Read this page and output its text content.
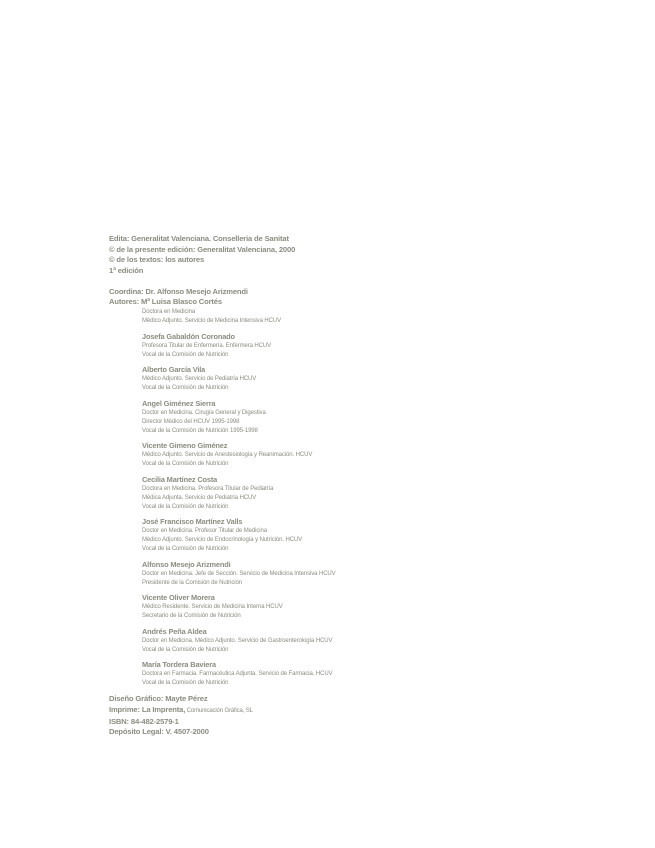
Edita: Generalitat Valenciana. Conselleria de Sanitat
© de la presente edición: Generalitat Valenciana, 2000
© de los textos: los autores
1ª edición
Coordina: Dr. Alfonso Mesejo Arizmendi
Autores: Mª Luisa Blasco Cortés
Doctora en Medicina
Médico Adjunto. Servicio de Medicina Intensiva HCUV
Josefa Gabaldón Coronado
Profesora Titular de Enfermería. Enfermera HCUV
Vocal de la Comisión de Nutrición
Alberto García Vila
Médico Adjunto. Servicio de Pediatría HCUV
Vocal de la Comisión de Nutrición
Angel Giménez Sierra
Doctor en Medicina. Cirugía General y Digestiva
Director Médico del HCUV 1995-1998
Vocal de la Comisión de Nutrición 1995-1998
Vicente Gimeno Giménez
Médico Adjunto. Servicio de Anestesiología y Reanimación. HCUV
Vocal de la Comisión de Nutrición
Cecilia Martínez Costa
Doctora en Medicina. Profesora Titular de Pediatría
Médica Adjunta. Servicio de Pediatría HCUV
Vocal de la Comisión de Nutrición
José Francisco Martínez Valls
Doctor en Medicina. Profesor Titular de Medicina
Médico Adjunto. Servicio de Endocrinología y Nutrición. HCUV
Vocal de la Comisión de Nutrición
Alfonso Mesejo Arizmendi
Doctor en Medicina. Jefe de Sección. Servicio de Medicina Intensiva HCUV
Presidente de la Comisión de Nutrición
Vicente Oliver Morera
Médico Residente. Servicio de Medicina Interna HCUV
Secretario de la Comisión de Nutrición
Andrés Peña Aldea
Doctor en Medicina. Médico Adjunto. Servicio de Gastroenterología HCUV
Vocal de la Comisión de Nutrición
María Tordera Baviera
Doctora en Farmacia. Farmacéutica Adjunta. Servicio de Farmacia. HCUV
Vocal de la Comisión de Nutrición
Diseño Gráfico: Mayte Pérez
Imprime: La Imprenta, Comunicación Gráfica, SL
ISBN: 84-482-2579-1
Depósito Legal: V. 4507-2000
